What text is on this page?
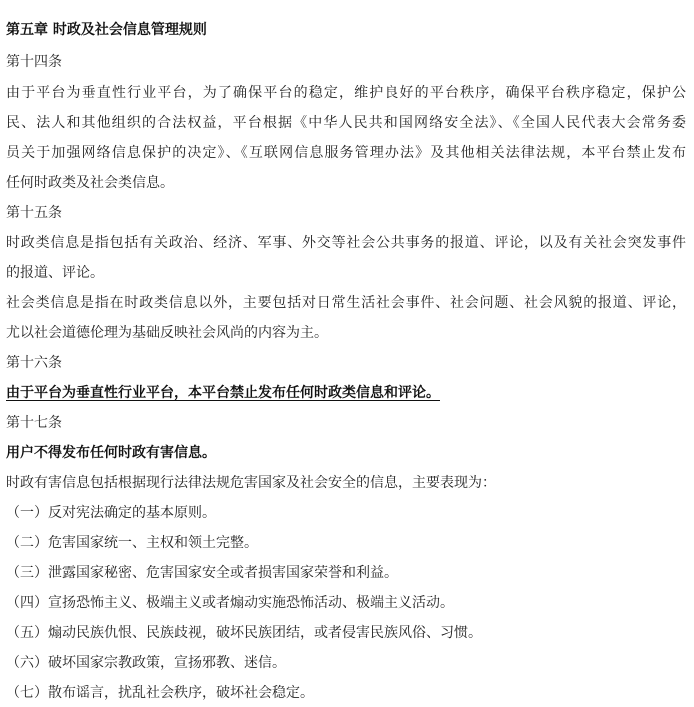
第五章 时政及社会信息管理规则
第十四条
由于平台为垂直性行业平台，为了确保平台的稳定，维护良好的平台秩序，确保平台秩序稳定，保护公
民、法人和其他组织的合法权益，平台根据《中华人民共和国网络安全法》、《全国人民代表大会常务委
员关于加强网络信息保护的决定》、《互联网信息服务管理办法》及其他相关法律法规，本平台禁止发布
任何时政类及社会类信息。
第十五条
时政类信息是指包括有关政治、经济、军事、外交等社会公共事务的报道、评论，以及有关社会突发事件
的报道、评论。
社会类信息是指在时政类信息以外，主要包括对日常生活社会事件、社会问题、社会风貌的报道、评论，
尤以社会道德伦理为基础反映社会风尚的内容为主。
第十六条
由于平台为垂直性行业平台，本平台禁止发布任何时政类信息和评论。
第十七条
用户不得发布任何时政有害信息。
时政有害信息包括根据现行法律法规危害国家及社会安全的信息，主要表现为：
（一）反对宪法确定的基本原则。
（二）危害国家统一、主权和领土完整。
（三）泄露国家秘密、危害国家安全或者损害国家荣誉和利益。
（四）宣扬恐怖主义、极端主义或者煽动实施恐怖活动、极端主义活动。
（五）煽动民族仇恨、民族歧视，破坏民族团结，或者侵害民族风俗、习惯。
（六）破坏国家宗教政策，宣扬邪教、迷信。
（七）散布谣言，扰乱社会秩序，破坏社会稳定。
